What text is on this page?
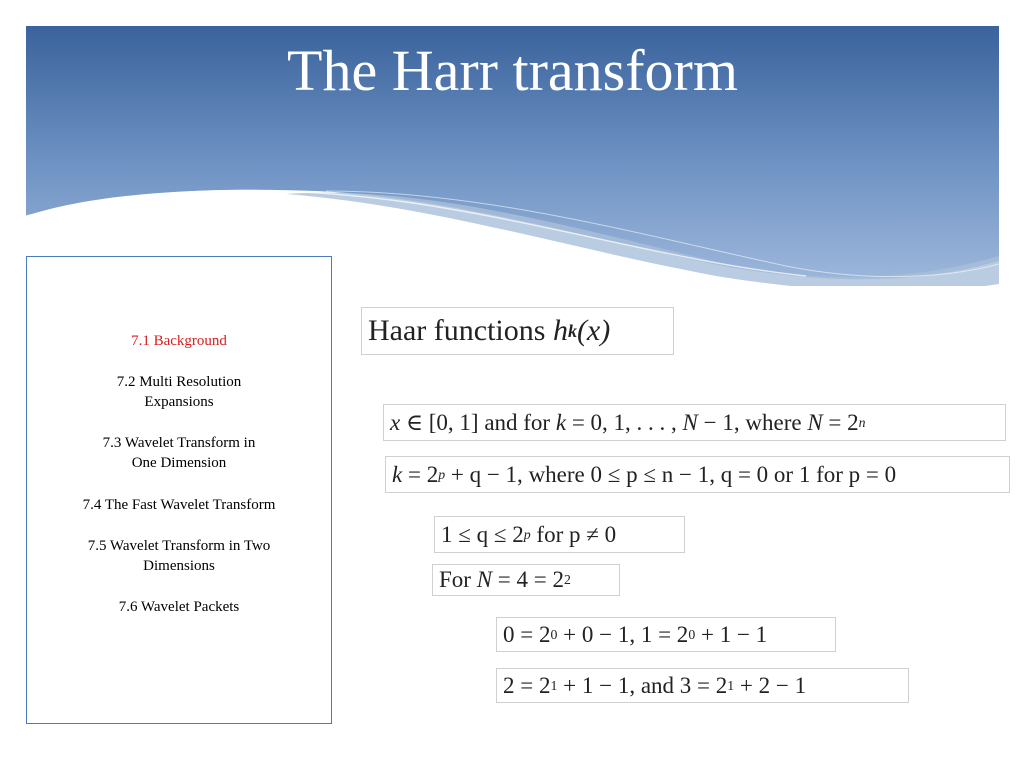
The Harr transform
7.1 Background
7.2 Multi Resolution
Expansions
7.3 Wavelet Transform in
One Dimension
7.4 The Fast Wavelet Transform
7.5 Wavelet Transform in Two
Dimensions
7.6 Wavelet Packets
Haar functions
h k (x)
x
∈ [0, 1]
and for
k
= 0, 1, . . . ,
N
− 1,
where
N
= 2 n
k
= 2 p
+ q − 1,
where 0 ≤ p ≤ n − 1, q = 0 or 1 for p = 0
1 ≤ q ≤ 2 p
for p ≠ 0
For
N
= 4 = 2 2
0 = 2 0
+ 0 − 1, 1 = 2 0
+ 1 − 1
2 = 2 1
+ 1 − 1, and 3 = 2 1
+ 2 − 1
